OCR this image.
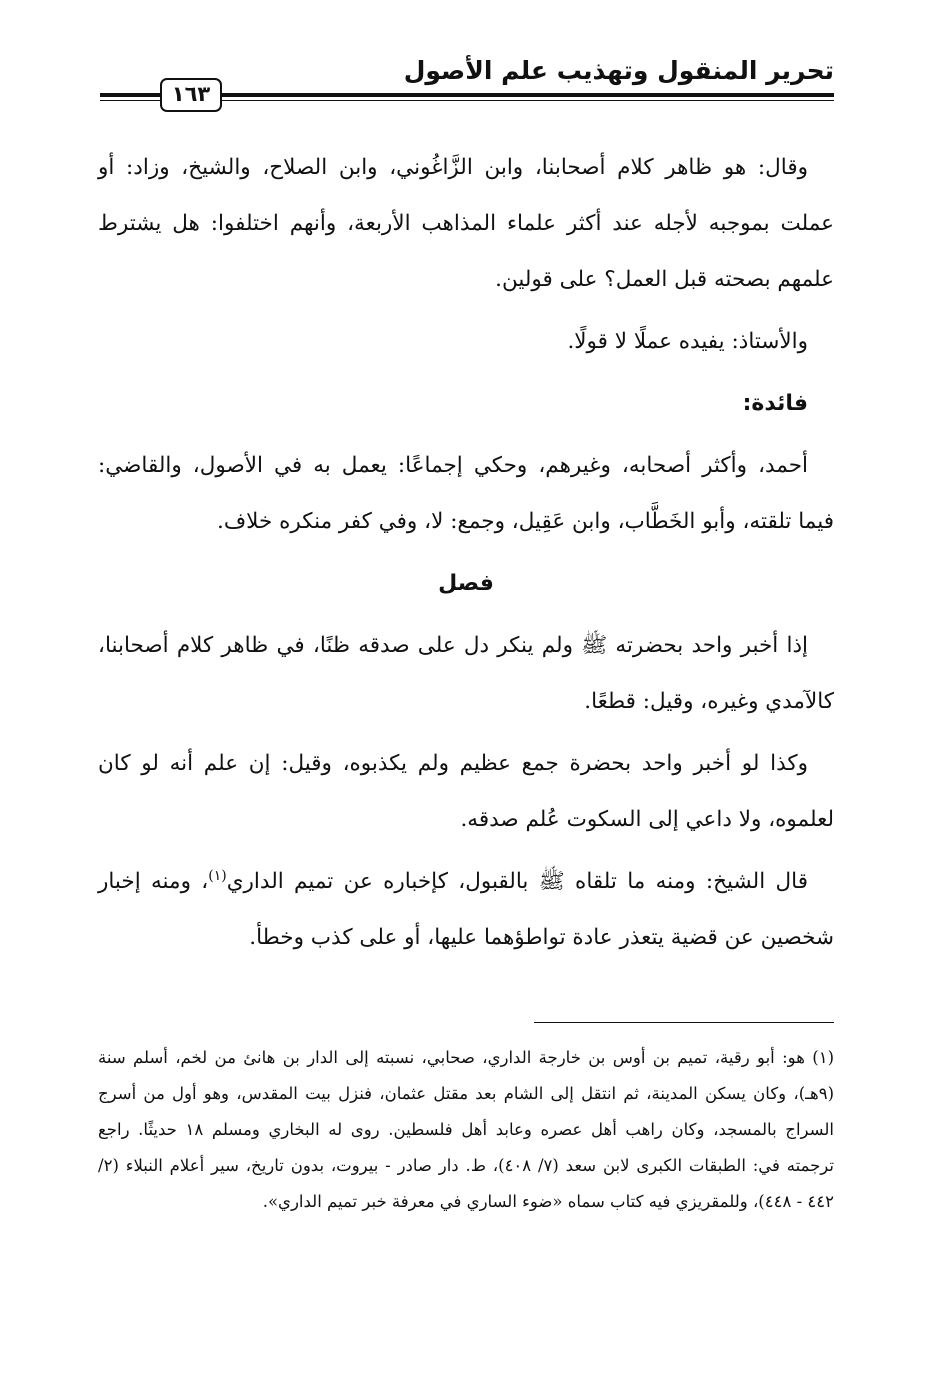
تحرير المنقول وتهذيب علم الأصول
١٦٣

وقال: هو ظاهر كلام أصحابنا، وابن الزَّاغُوني، وابن الصلاح، والشيخ، وزاد: أو عملت بموجبه لأجله عند أكثر علماء المذاهب الأربعة، وأنهم اختلفوا: هل يشترط علمهم بصحته قبل العمل؟ على قولين.

والأستاذ: يفيده عملًا لا قولًا.

فائدة:

أحمد، وأكثر أصحابه، وغيرهم، وحكي إجماعًا: يعمل به في الأصول، والقاضي: فيما تلقته، وأبو الخَطَّاب، وابن عَقِيل، وجمع: لا، وفي كفر منكره خلاف.

فصل

إذا أخبر واحد بحضرته ﷺ ولم ينكر دل على صدقه ظنًا، في ظاهر كلام أصحابنا، كالآمدي وغيره، وقيل: قطعًا.

وكذا لو أخبر واحد بحضرة جمع عظيم ولم يكذبوه، وقيل: إن علم أنه لو كان لعلموه، ولا داعي إلى السكوت عُلم صدقه.

قال الشيخ: ومنه ما تلقاه ﷺ بالقبول، كإخباره عن تميم الداري$^{(١)}$، ومنه إخبار شخصين عن قضية يتعذر عادة تواطؤهما عليها، أو على كذب وخطأ.

(١) هو: أبو رقية، تميم بن أوس بن خارجة الداري، صحابي، نسبته إلى الدار بن هانئ من لخم، أسلم سنة (٩هـ)، وكان يسكن المدينة، ثم انتقل إلى الشام بعد مقتل عثمان، فنزل بيت المقدس، وهو أول من أسرج السراج بالمسجد، وكان راهب أهل عصره وعابد أهل فلسطين. روى له البخاري ومسلم ١٨ حديثًا. راجع ترجمته في: الطبقات الكبرى لابن سعد (٧/ ٤٠٨)، ط. دار صادر - بيروت، بدون تاريخ، سير أعلام النبلاء (٢/ ٤٤٢ - ٤٤٨)، وللمقريزي فيه كتاب سماه «ضوء الساري في معرفة خبر تميم الداري».
